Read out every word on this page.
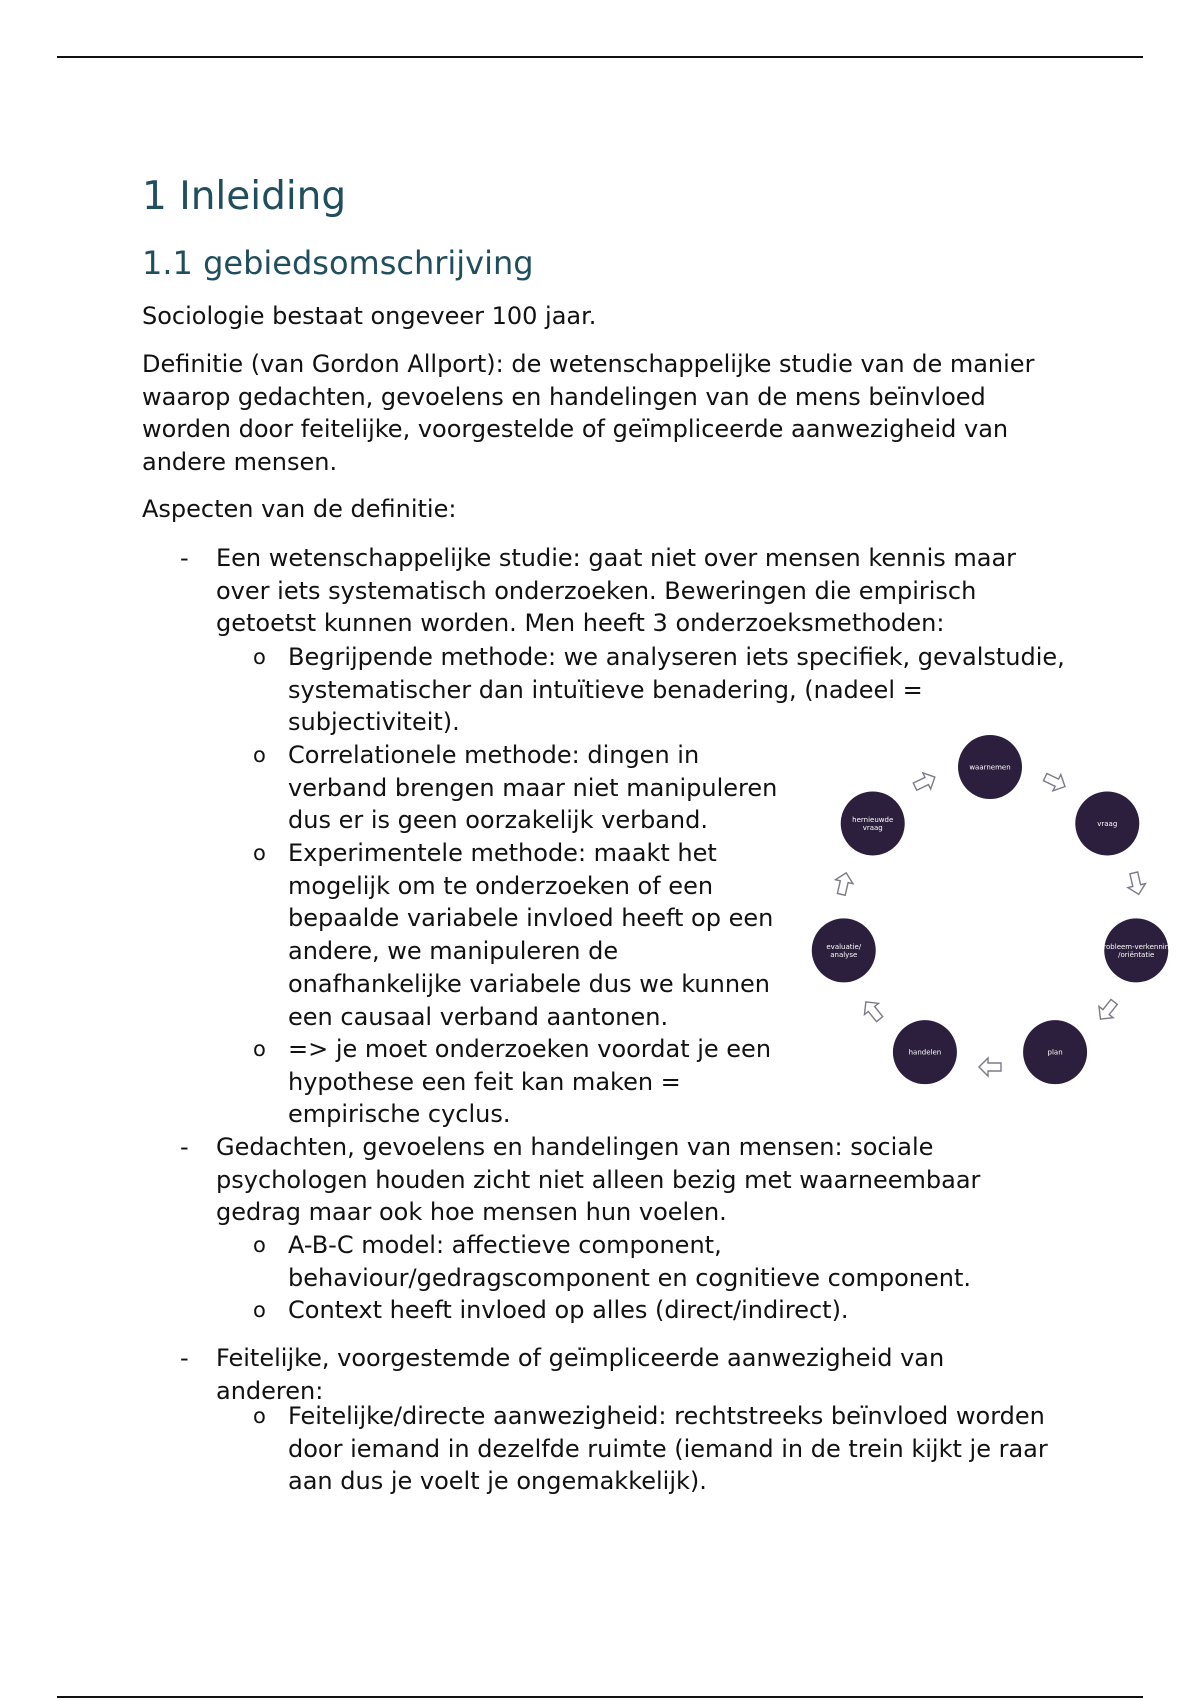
1 Inleiding
1.1 gebiedsomschrijving

Sociologie bestaat ongeveer 100 jaar.

Definitie (van Gordon Allport): de wetenschappelijke studie van de manier waarop gedachten, gevoelens en handelingen van de mens beïnvloed worden door feitelijke, voorgestelde of geïmpliceerde aanwezigheid van andere mensen.

Aspecten van de definitie:

- Een wetenschappelijke studie: gaat niet over mensen kennis maar over iets systematisch onderzoeken. Beweringen die empirisch getoetst kunnen worden. Men heeft 3 onderzoeksmethoden:
o Begrijpende methode: we analyseren iets specifiek, gevalstudie, systematischer dan intuïtieve benadering, (nadeel = subjectiviteit).
o Correlationele methode: dingen in verband brengen maar niet manipuleren dus er is geen oorzakelijk verband.
o Experimentele methode: maakt het mogelijk om te onderzoeken of een bepaalde variabele invloed heeft op een andere, we manipuleren de onafhankelijke variabele dus we kunnen een causaal verband aantonen.
o => je moet onderzoeken voordat je een hypothese een feit kan maken = empirische cyclus.
- Gedachten, gevoelens en handelingen van mensen: sociale psychologen houden zicht niet alleen bezig met waarneembaar gedrag maar ook hoe mensen hun voelen.
o A-B-C model: affectieve component, behaviour/gedragscomponent en cognitieve component.
o Context heeft invloed op alles (direct/indirect).
- Feitelijke, voorgestemde of geïmpliceerde aanwezigheid van anderen:
o Feitelijke/directe aanwezigheid: rechtstreeks beïnvloed worden door iemand in dezelfde ruimte (iemand in de trein kijkt je raar aan dus je voelt je ongemakkelijk).
waarnemen
vraag
probleem-verkenning
/oriëntatie
plan
handelen
evaluatie/
analyse
hernieuwde
vraag
